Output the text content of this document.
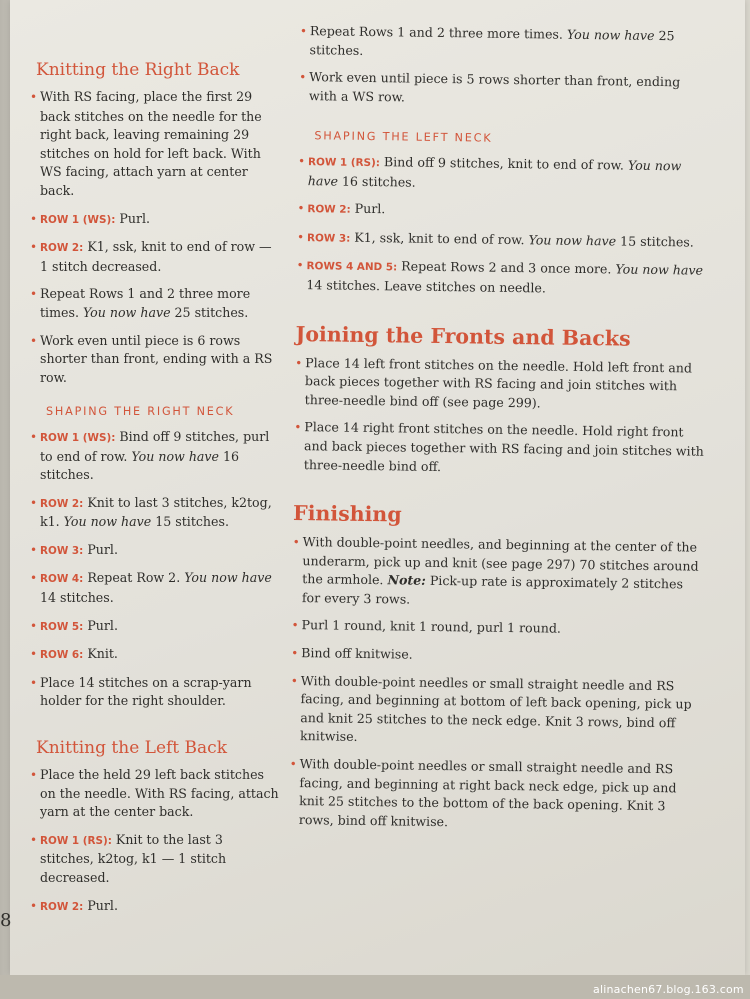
Knitting the Right Back
• With RS facing, place the first 29 back stitches on the needle for the right back, leaving remaining 29 stitches on hold for left back. With WS facing, attach yarn at center back.
• ROW 1 (WS): Purl.
• ROW 2: K1, ssk, knit to end of row — 1 stitch decreased.
• Repeat Rows 1 and 2 three more times. You now have 25 stitches.
• Work even until piece is 6 rows shorter than front, ending with a RS row.
SHAPING THE RIGHT NECK
• ROW 1 (WS): Bind off 9 stitches, purl to end of row. You now have 16 stitches.
• ROW 2: Knit to last 3 stitches, k2tog, k1. You now have 15 stitches.
• ROW 3: Purl.
• ROW 4: Repeat Row 2. You now have 14 stitches.
• ROW 5: Purl.
• ROW 6: Knit.
• Place 14 stitches on a scrap-yarn holder for the right shoulder.
Knitting the Left Back
• Place the held 29 left back stitches on the needle. With RS facing, attach yarn at the center back.
• ROW 1 (RS): Knit to the last 3 stitches, k2tog, k1 — 1 stitch decreased.
• ROW 2: Purl.
• Repeat Rows 1 and 2 three more times. You now have 25 stitches.
• Work even until piece is 5 rows shorter than front, ending with a WS row.
SHAPING THE LEFT NECK
• ROW 1 (RS): Bind off 9 stitches, knit to end of row. You now have 16 stitches.
• ROW 2: Purl.
• ROW 3: K1, ssk, knit to end of row. You now have 15 stitches.
• ROWS 4 AND 5: Repeat Rows 2 and 3 once more. You now have 14 stitches. Leave stitches on needle.
Joining the Fronts and Backs
• Place 14 left front stitches on the needle. Hold left front and back pieces together with RS facing and join stitches with three-needle bind off (see page 299).
• Place 14 right front stitches on the needle. Hold right front and back pieces together with RS facing and join stitches with three-needle bind off.
Finishing
• With double-point needles, and beginning at the center of the underarm, pick up and knit (see page 297) 70 stitches around the armhole. Note: Pick-up rate is approximately 2 stitches for every 3 rows.
• Purl 1 round, knit 1 round, purl 1 round.
• Bind off knitwise.
• With double-point needles or small straight needle and RS facing, and beginning at bottom of left back opening, pick up and knit 25 stitches to the neck edge. Knit 3 rows, bind off knitwise.
• With double-point needles or small straight needle and RS facing, and beginning at right back neck edge, pick up and knit 25 stitches to the bottom of the back opening. Knit 3 rows, bind off knitwise.
8
alinachen67.blog.163.com
